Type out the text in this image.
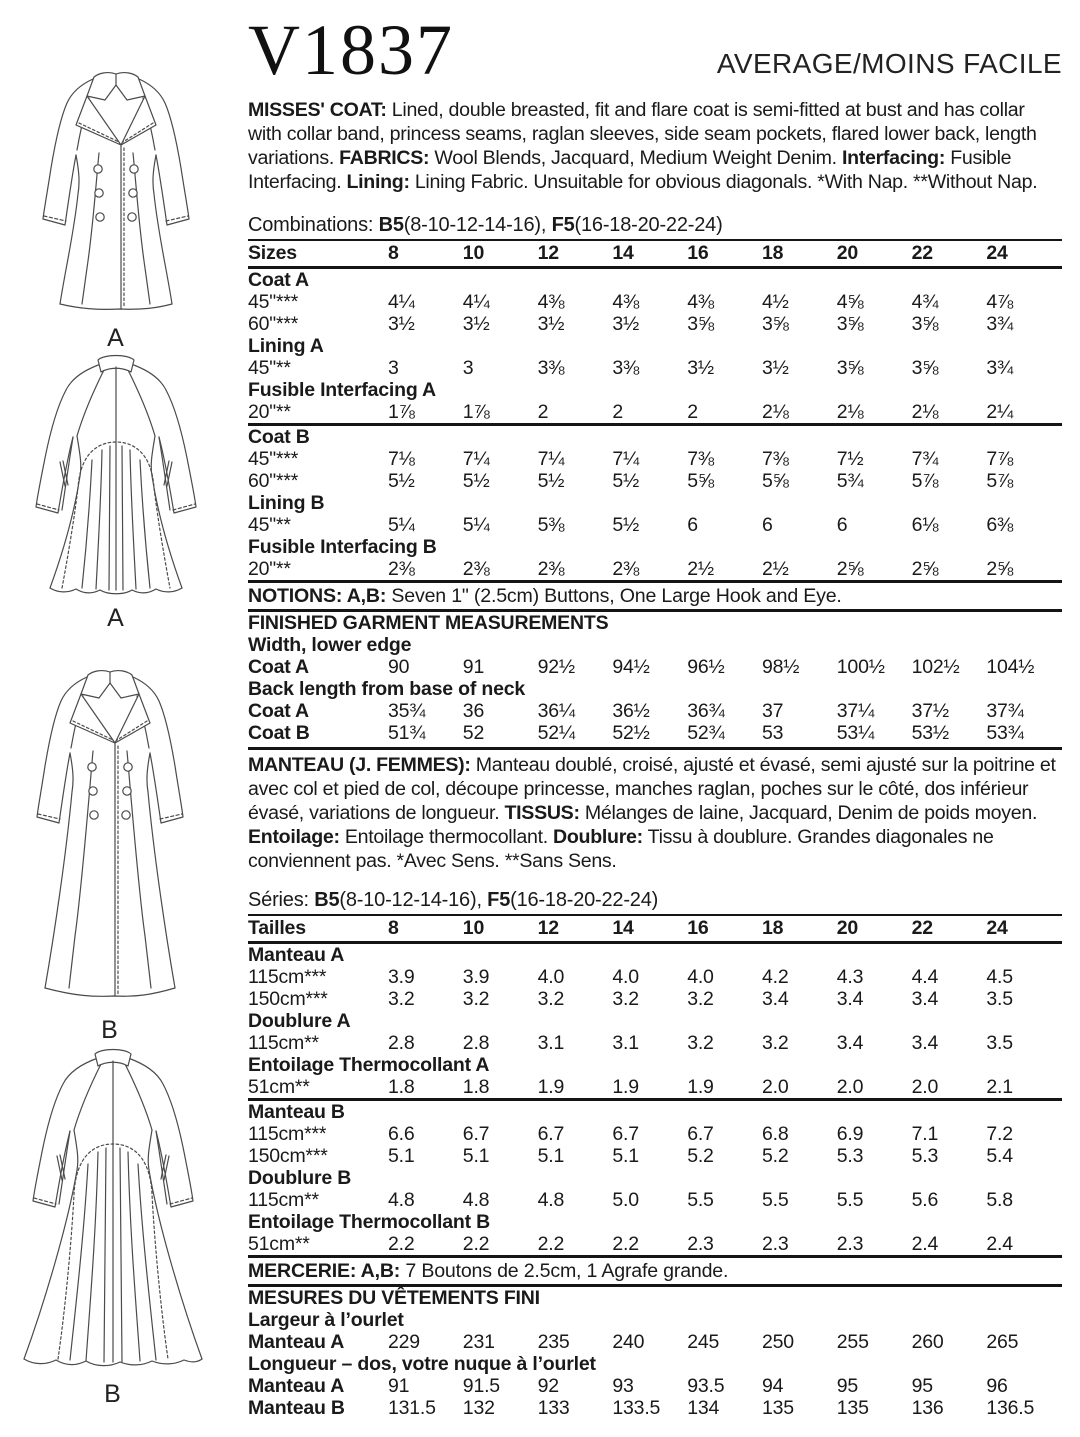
A
A
B
B
V1837	AVERAGE/MOINS FACILE

MISSES' COAT: Lined, double breasted, fit and flare coat is semi-fitted at bust and has collar with collar band, princess seams, raglan sleeves, side seam pockets, flared lower back, length variations. FABRICS: Wool Blends, Jacquard, Medium Weight Denim. Interfacing: Fusible Interfacing. Lining: Lining Fabric. Unsuitable for obvious diagonals. *With Nap. **Without Nap.

Combinations: B5(8-10-12-14-16), F5(16-18-20-22-24)
Sizes	8	10	12	14	16	18	20	22	24
Coat A
45"***	4¼	4¼	4⅜	4⅜	4⅜	4½	4⅝	4¾	4⅞
60"***	3½	3½	3½	3½	3⅝	3⅝	3⅝	3⅝	3¾
Lining A
45"**	3	3	3⅜	3⅜	3½	3½	3⅝	3⅝	3¾
Fusible Interfacing A
20"**	1⅞	1⅞	2	2	2	2⅛	2⅛	2⅛	2¼
Coat B
45"***	7⅛	7¼	7¼	7¼	7⅜	7⅜	7½	7¾	7⅞
60"***	5½	5½	5½	5½	5⅝	5⅝	5¾	5⅞	5⅞
Lining B
45"**	5¼	5¼	5⅜	5½	6	6	6	6⅛	6⅜
Fusible Interfacing B
20"**	2⅜	2⅜	2⅜	2⅜	2½	2½	2⅝	2⅝	2⅝
NOTIONS: A,B: Seven 1" (2.5cm) Buttons, One Large Hook and Eye.
FINISHED GARMENT MEASUREMENTS
Width, lower edge
Coat A	90	91	92½	94½	96½	98½	100½	102½	104½
Back length from base of neck
Coat A	35¾	36	36¼	36½	36¾	37	37¼	37½	37¾
Coat B	51¾	52	52¼	52½	52¾	53	53¼	53½	53¾

MANTEAU (J. FEMMES): Manteau doublé, croisé, ajusté et évasé, semi ajusté sur la poitrine et avec col et pied de col, découpe princesse, manches raglan, poches sur le côté, dos inférieur évasé, variations de longueur. TISSUS: Mélanges de laine, Jacquard, Denim de poids moyen. Entoilage: Entoilage thermocollant. Doublure: Tissu à doublure. Grandes diagonales ne conviennent pas. *Avec Sens. **Sans Sens.

Séries: B5(8-10-12-14-16), F5(16-18-20-22-24)
Tailles	8	10	12	14	16	18	20	22	24
Manteau A
115cm***	3.9	3.9	4.0	4.0	4.0	4.2	4.3	4.4	4.5
150cm***	3.2	3.2	3.2	3.2	3.2	3.4	3.4	3.4	3.5
Doublure A
115cm**	2.8	2.8	3.1	3.1	3.2	3.2	3.4	3.4	3.5
Entoilage Thermocollant A
51cm**	1.8	1.8	1.9	1.9	1.9	2.0	2.0	2.0	2.1
Manteau B
115cm***	6.6	6.7	6.7	6.7	6.7	6.8	6.9	7.1	7.2
150cm***	5.1	5.1	5.1	5.1	5.2	5.2	5.3	5.3	5.4
Doublure B
115cm**	4.8	4.8	4.8	5.0	5.5	5.5	5.5	5.6	5.8
Entoilage Thermocollant B
51cm**	2.2	2.2	2.2	2.2	2.3	2.3	2.3	2.4	2.4
MERCERIE: A,B: 7 Boutons de 2.5cm, 1 Agrafe grande.
MESURES DU VÊTEMENTS FINI
Largeur à l’ourlet
Manteau A	229	231	235	240	245	250	255	260	265
Longueur – dos, votre nuque à l’ourlet
Manteau A	91	91.5	92	93	93.5	94	95	95	96
Manteau B	131.5	132	133	133.5	134	135	135	136	136.5
